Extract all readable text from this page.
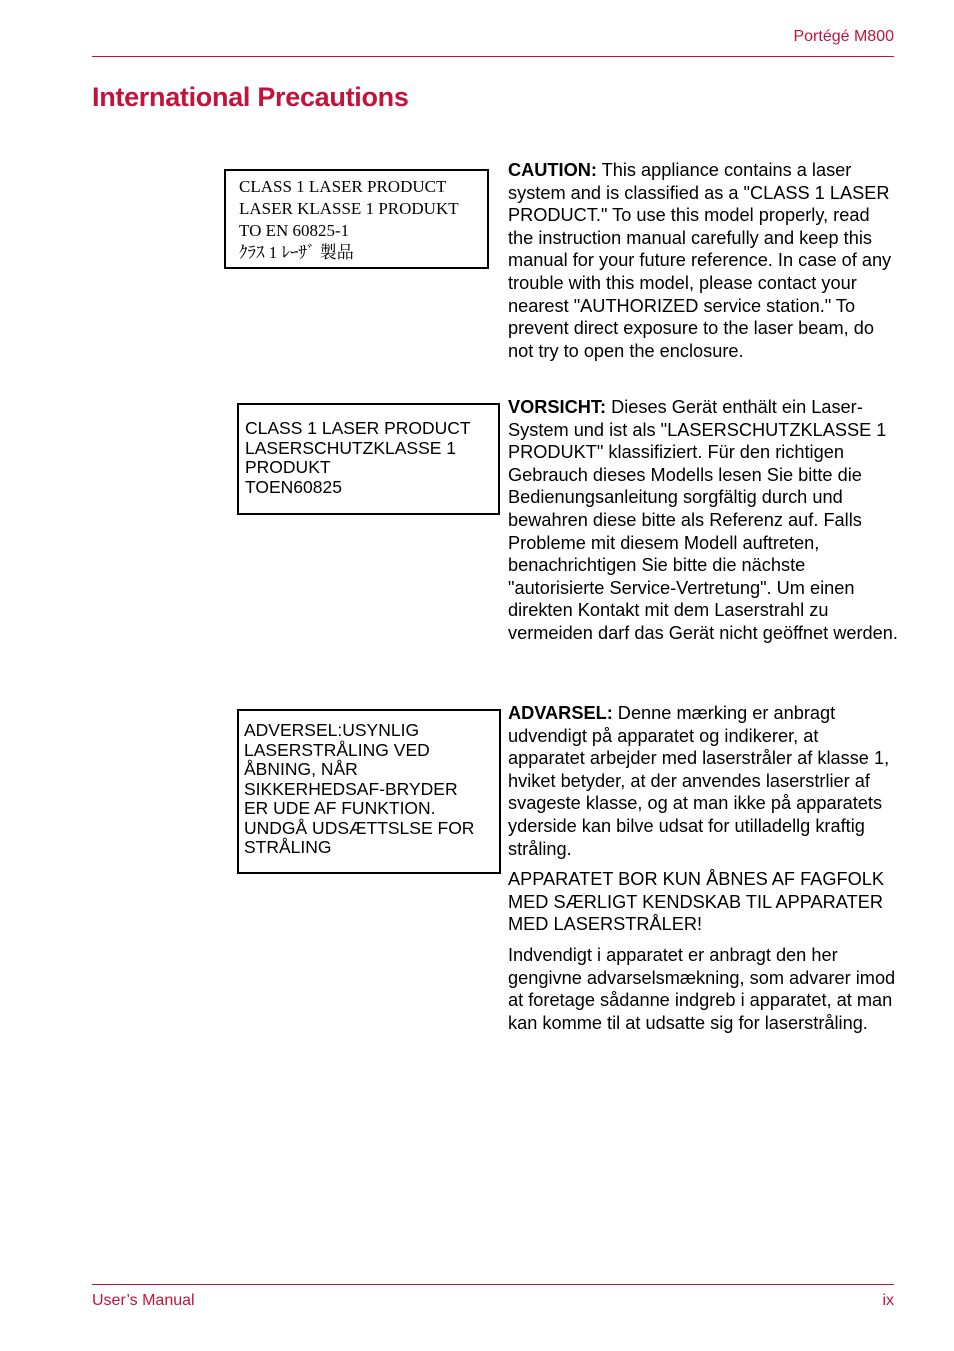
Portégé M800
International Precautions
CLASS 1 LASER PRODUCT
LASER KLASSE 1 PRODUKT
TO EN 60825-1
ｸﾗｽ 1 ﾚｰｻﾞ 製品
CLASS 1 LASER PRODUCT
LASERSCHUTZKLASSE 1
PRODUKT
TOEN60825
ADVERSEL:USYNLIG
LASERSTRÅLING VED
ÅBNING, NÅR
SIKKERHEDSAF-BRYDER
ER UDE AF FUNKTION.
UNDGÅ UDSÆTTSLSE FOR
STRÅLING

CAUTION: This appliance contains a laser system and is classified as a "CLASS 1 LASER PRODUCT." To use this model properly, read the instruction manual carefully and keep this manual for your future reference. In case of any trouble with this model, please contact your nearest "AUTHORIZED service station." To prevent direct exposure to the laser beam, do not try to open the enclosure.

VORSICHT: Dieses Gerät enthält ein Laser-System und ist als "LASERSCHUTZKLASSE 1 PRODUKT" klassifiziert. Für den richtigen Gebrauch dieses Modells lesen Sie bitte die Bedienungsanleitung sorgfältig durch und bewahren diese bitte als Referenz auf. Falls Probleme mit diesem Modell auftreten, benachrichtigen Sie bitte die nächste "autorisierte Service-Vertretung". Um einen direkten Kontakt mit dem Laserstrahl zu vermeiden darf das Gerät nicht geöffnet werden.

ADVARSEL: Denne mærking er anbragt udvendigt på apparatet og indikerer, at apparatet arbejder med laserstråler af klasse 1, hviket betyder, at der anvendes laserstrlier af svageste klasse, og at man ikke på apparatets yderside kan bilve udsat for utilladellg kraftig stråling.

APPARATET BOR KUN ÅBNES AF FAGFOLK MED SÆRLIGT KENDSKAB TIL APPARATER MED LASERSTRÅLER!

Indvendigt i apparatet er anbragt den her gengivne advarselsmækning, som advarer imod at foretage sådanne indgreb i apparatet, at man kan komme til at udsatte sig for laserstråling.

User’s Manual	ix
